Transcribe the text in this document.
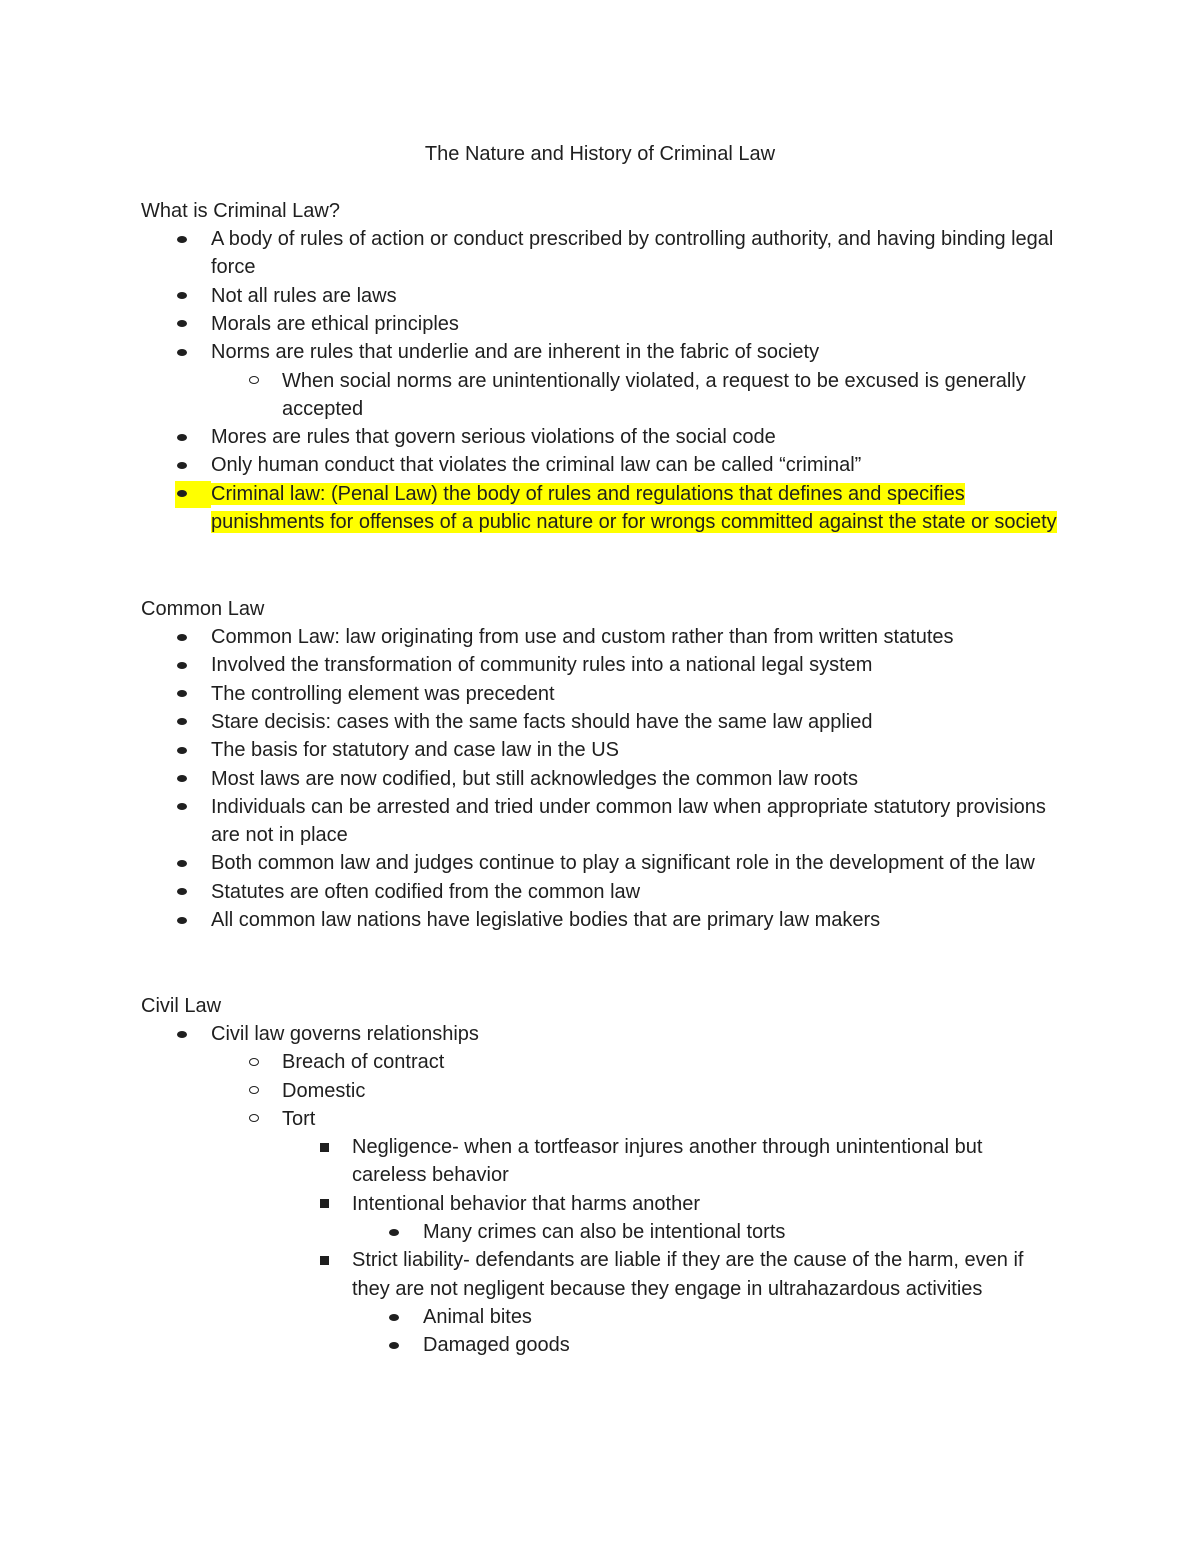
The Nature and History of Criminal Law
What is Criminal Law?
A body of rules of action or conduct prescribed by controlling authority, and having binding legal force
Not all rules are laws
Morals are ethical principles
Norms are rules that underlie and are inherent in the fabric of society
When social norms are unintentionally violated, a request to be excused is generally accepted
Mores are rules that govern serious violations of the social code
Only human conduct that violates the criminal law can be called “criminal”
Criminal law: (Penal Law) the body of rules and regulations that defines and specifies punishments for offenses of a public nature or for wrongs committed against the state or society
Common Law
Common Law: law originating from use and custom rather than from written statutes
Involved the transformation of community rules into a national legal system
The controlling element was precedent
Stare decisis: cases with the same facts should have the same law applied
The basis for statutory and case law in the US
Most laws are now codified, but still acknowledges the common law roots
Individuals can be arrested and tried under common law when appropriate statutory provisions are not in place
Both common law and judges continue to play a significant role in the development of the law
Statutes are often codified from the common law
All common law nations have legislative bodies that are primary law makers
Civil Law
Civil law governs relationships
Breach of contract
Domestic
Tort
Negligence- when a tortfeasor injures another through unintentional but careless behavior
Intentional behavior that harms another
Many crimes can also be intentional torts
Strict liability- defendants are liable if they are the cause of the harm, even if they are not negligent because they engage in ultrahazardous activities
Animal bites
Damaged goods
